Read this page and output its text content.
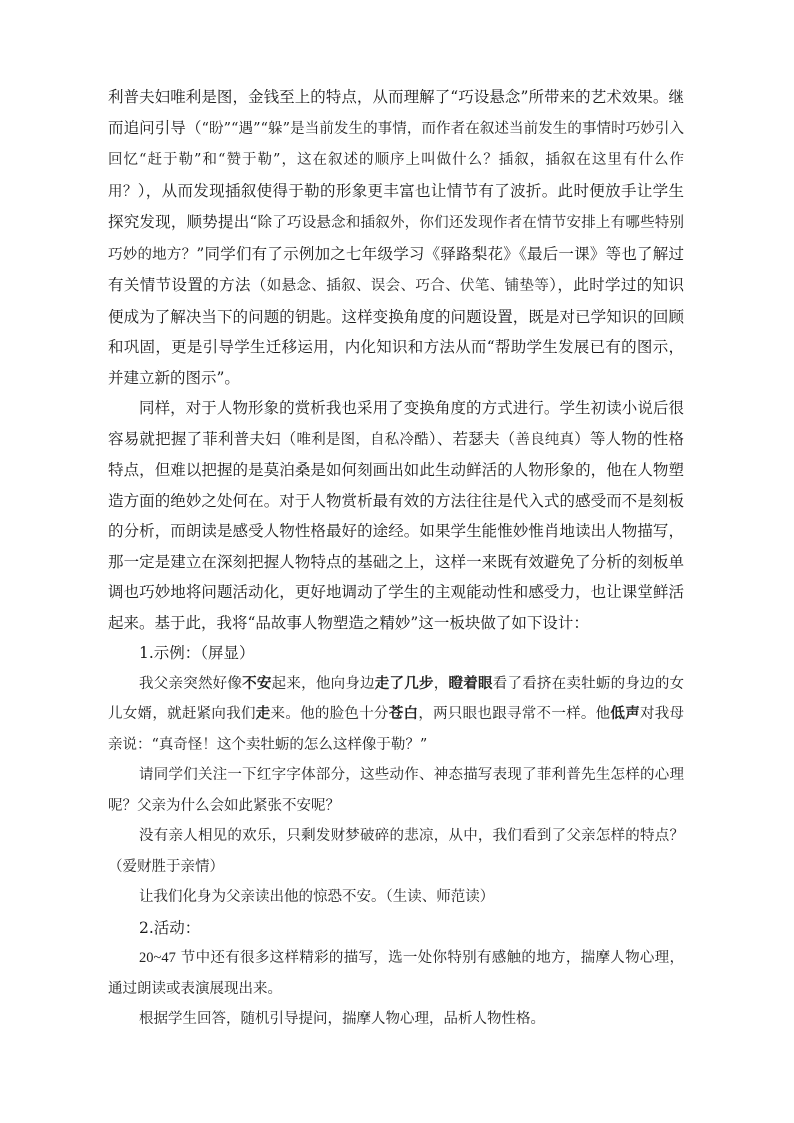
利普夫妇唯利是图，金钱至上的特点，从而理解了“巧设悬念”所带来的艺术效果。继而追问引导（“盼”“遇”“躲”是当前发生的事情，而作者在叙述当前发生的事情时巧妙引入回忆“赶于勒”和“赞于勒”，这在叙述的顺序上叫做什么？插叙，插叙在这里有什么作用？），从而发现插叙使得于勒的形象更丰富也让情节有了波折。此时便放手让学生探究发现，顺势提出“除了巧设悬念和插叙外，你们还发现作者在情节安排上有哪些特别巧妙的地方？”同学们有了示例加之七年级学习《驿路梨花》《最后一课》等也了解过有关情节设置的方法（如悬念、插叙、误会、巧合、伏笔、铺垫等），此时学过的知识便成为了解决当下的问题的钥匙。这样变换角度的问题设置，既是对已学知识的回顾和巩固，更是引导学生迁移运用，内化知识和方法从而“帮助学生发展已有的图示，并建立新的图示”。

同样，对于人物形象的赏析我也采用了变换角度的方式进行。学生初读小说后很容易就把握了菲利普夫妇（唯利是图，自私冷酷）、若瑟夫（善良纯真）等人物的性格特点，但难以把握的是莫泊桑是如何刻画出如此生动鲜活的人物形象的，他在人物塑造方面的绝妙之处何在。对于人物赏析最有效的方法往往是代入式的感受而不是刻板的分析，而朗读是感受人物性格最好的途经。如果学生能惟妙惟肖地读出人物描写，那一定是建立在深刻把握人物特点的基础之上，这样一来既有效避免了分析的刻板单调也巧妙地将问题活动化，更好地调动了学生的主观能动性和感受力，也让课堂鲜活起来。基于此，我将“品故事人物塑造之精妙”这一板块做了如下设计：

1.示例：（屏显）

我父亲突然好像不安起来，他向身边走了几步，瞪着眼看了看挤在卖牡蛎的身边的女儿女婿，就赶紧向我们走来。他的脸色十分苍白，两只眼也跟寻常不一样。他低声对我母亲说：“真奇怪！这个卖牡蛎的怎么这样像于勒？”

请同学们关注一下红字字体部分，这些动作、神态描写表现了菲利普先生怎样的心理呢？父亲为什么会如此紧张不安呢？

没有亲人相见的欢乐，只剩发财梦破碎的悲凉，从中，我们看到了父亲怎样的特点？（爱财胜于亲情）

让我们化身为父亲读出他的惊恐不安。（生读、师范读）

2.活动：

20~47 节中还有很多这样精彩的描写，选一处你特别有感触的地方，揣摩人物心理，通过朗读或表演展现出来。

根据学生回答，随机引导提问，揣摩人物心理，品析人物性格。
